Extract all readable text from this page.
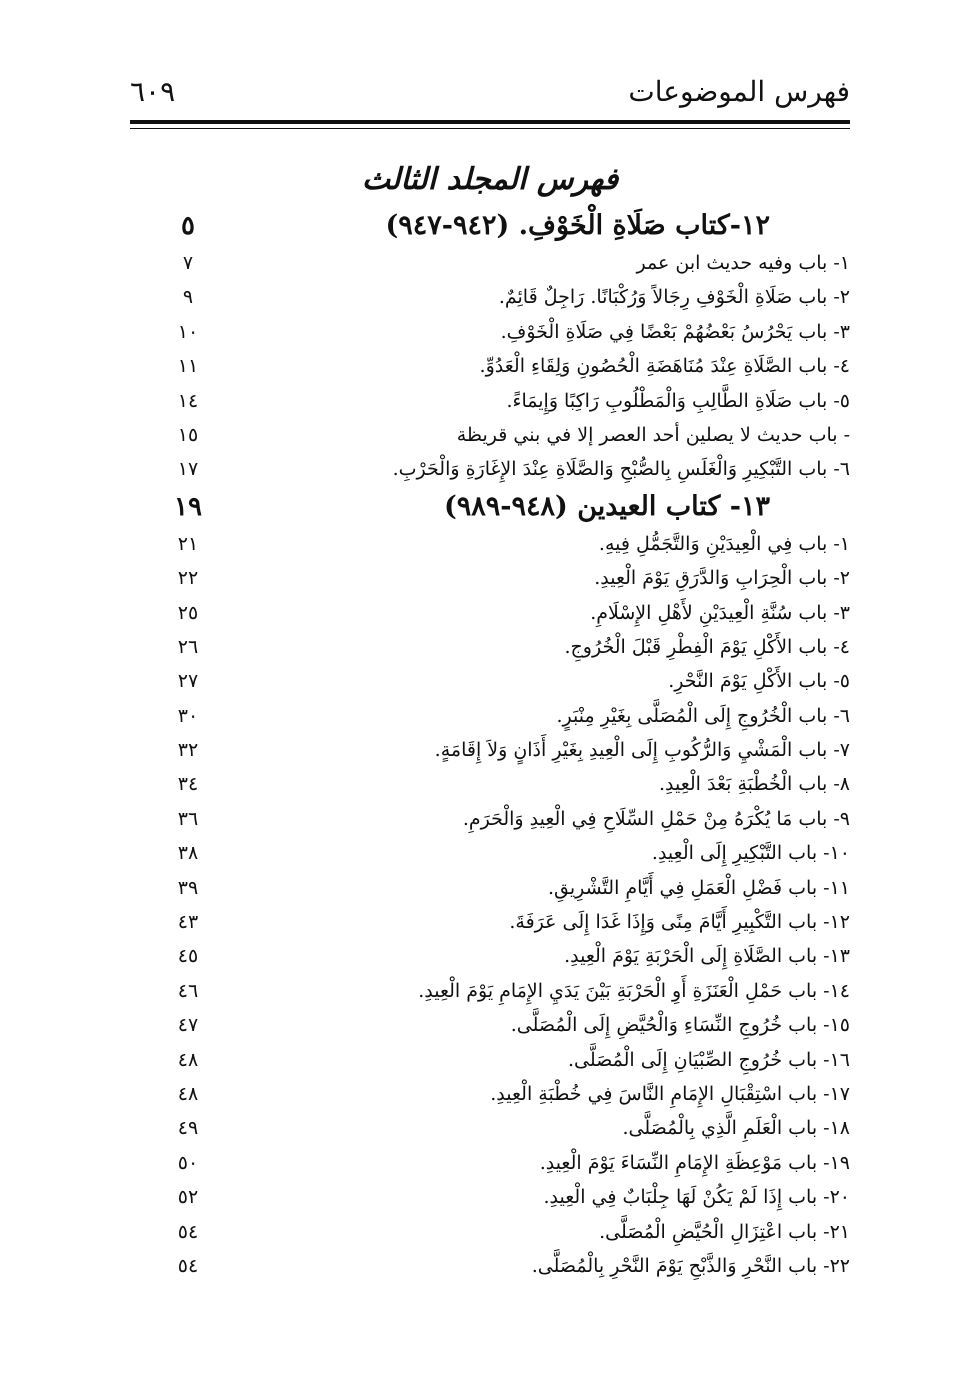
فهرس الموضوعات
٦٠٩
فهرس المجلد الثالث
١٢-كتاب صَلَاةِ الْخَوْفِ. (٩٤٢-٩٤٧)
٥
١- باب وفيه حديث ابن عمر
٧
٢- باب صَلَاةِ الْخَوْفِ رِجَالاً وَرُكْبَانًا. رَاجِلٌ قَائِمٌ.
٩
٣- باب يَحْرُسُ بَعْضُهُمْ بَعْضًا فِي صَلَاةِ الْخَوْفِ.
١٠
٤- باب الصَّلَاةِ عِنْدَ مُنَاهَضَةِ الْحُصُونِ وَلِقَاءِ الْعَدُوِّ.
١١
٥- باب صَلَاةِ الطَّالِبِ وَالْمَطْلُوبِ رَاكِبًا وَإِيمَاءً.
١٤
- باب حديث لا يصلين أحد العصر إلا في بني قريظة
١٥
٦- باب التَّبْكِيرِ وَالْغَلَسِ بِالصُّبْحِ وَالصَّلَاةِ عِنْدَ الإِغَارَةِ وَالْحَرْبِ.
١٧
١٣- كتاب العيدين (٩٤٨-٩٨٩)
١٩
١- باب فِي الْعِيدَيْنِ وَالتَّجَمُّلِ فِيهِ.
٢١
٢- باب الْحِرَابِ وَالدَّرَقِ يَوْمَ الْعِيدِ.
٢٢
٣- باب سُنَّةِ الْعِيدَيْنِ لأَهْلِ الإِسْلَامِ.
٢٥
٤- باب الأَكْلِ يَوْمَ الْفِطْرِ قَبْلَ الْخُرُوجِ.
٢٦
٥- باب الأَكْلِ يَوْمَ النَّحْرِ.
٢٧
٦- باب الْخُرُوجِ إِلَى الْمُصَلَّى بِغَيْرِ مِنْبَرٍ.
٣٠
٧- باب الْمَشْيِ وَالرُّكُوبِ إِلَى الْعِيدِ بِغَيْرِ أَذَانٍ وَلاَ إِقَامَةٍ.
٣٢
٨- باب الْخُطْبَةِ بَعْدَ الْعِيدِ.
٣٤
٩- باب مَا يُكْرَهُ مِنْ حَمْلِ السِّلَاحِ فِي الْعِيدِ وَالْحَرَمِ.
٣٦
١٠- باب التَّبْكِيرِ إِلَى الْعِيدِ.
٣٨
١١- باب فَضْلِ الْعَمَلِ فِي أَيَّامِ التَّشْرِيقِ.
٣٩
١٢- باب التَّكْبِيرِ أَيَّامَ مِنًى وَإِذَا غَدَا إِلَى عَرَفَةَ.
٤٣
١٣- باب الصَّلَاةِ إِلَى الْحَرْبَةِ يَوْمَ الْعِيدِ.
٤٥
١٤- باب حَمْلِ الْعَنَزَةِ أَوِ الْحَرْبَةِ بَيْنَ يَدَيِ الإِمَامِ يَوْمَ الْعِيدِ.
٤٦
١٥- باب خُرُوجِ النِّسَاءِ وَالْحُيَّضِ إِلَى الْمُصَلَّى.
٤٧
١٦- باب خُرُوجِ الصِّبْيَانِ إِلَى الْمُصَلَّى.
٤٨
١٧- باب اسْتِقْبَالِ الإِمَامِ النَّاسَ فِي خُطْبَةِ الْعِيدِ.
٤٨
١٨- باب الْعَلَمِ الَّذِي بِالْمُصَلَّى.
٤٩
١٩- باب مَوْعِظَةِ الإِمَامِ النِّسَاءَ يَوْمَ الْعِيدِ.
٥٠
٢٠- باب إِذَا لَمْ يَكُنْ لَهَا جِلْبَابٌ فِي الْعِيدِ.
٥٢
٢١- باب اعْتِزَالِ الْحُيَّضِ الْمُصَلَّى.
٥٤
٢٢- باب النَّحْرِ وَالذَّبْحِ يَوْمَ النَّحْرِ بِالْمُصَلَّى.
٥٤
